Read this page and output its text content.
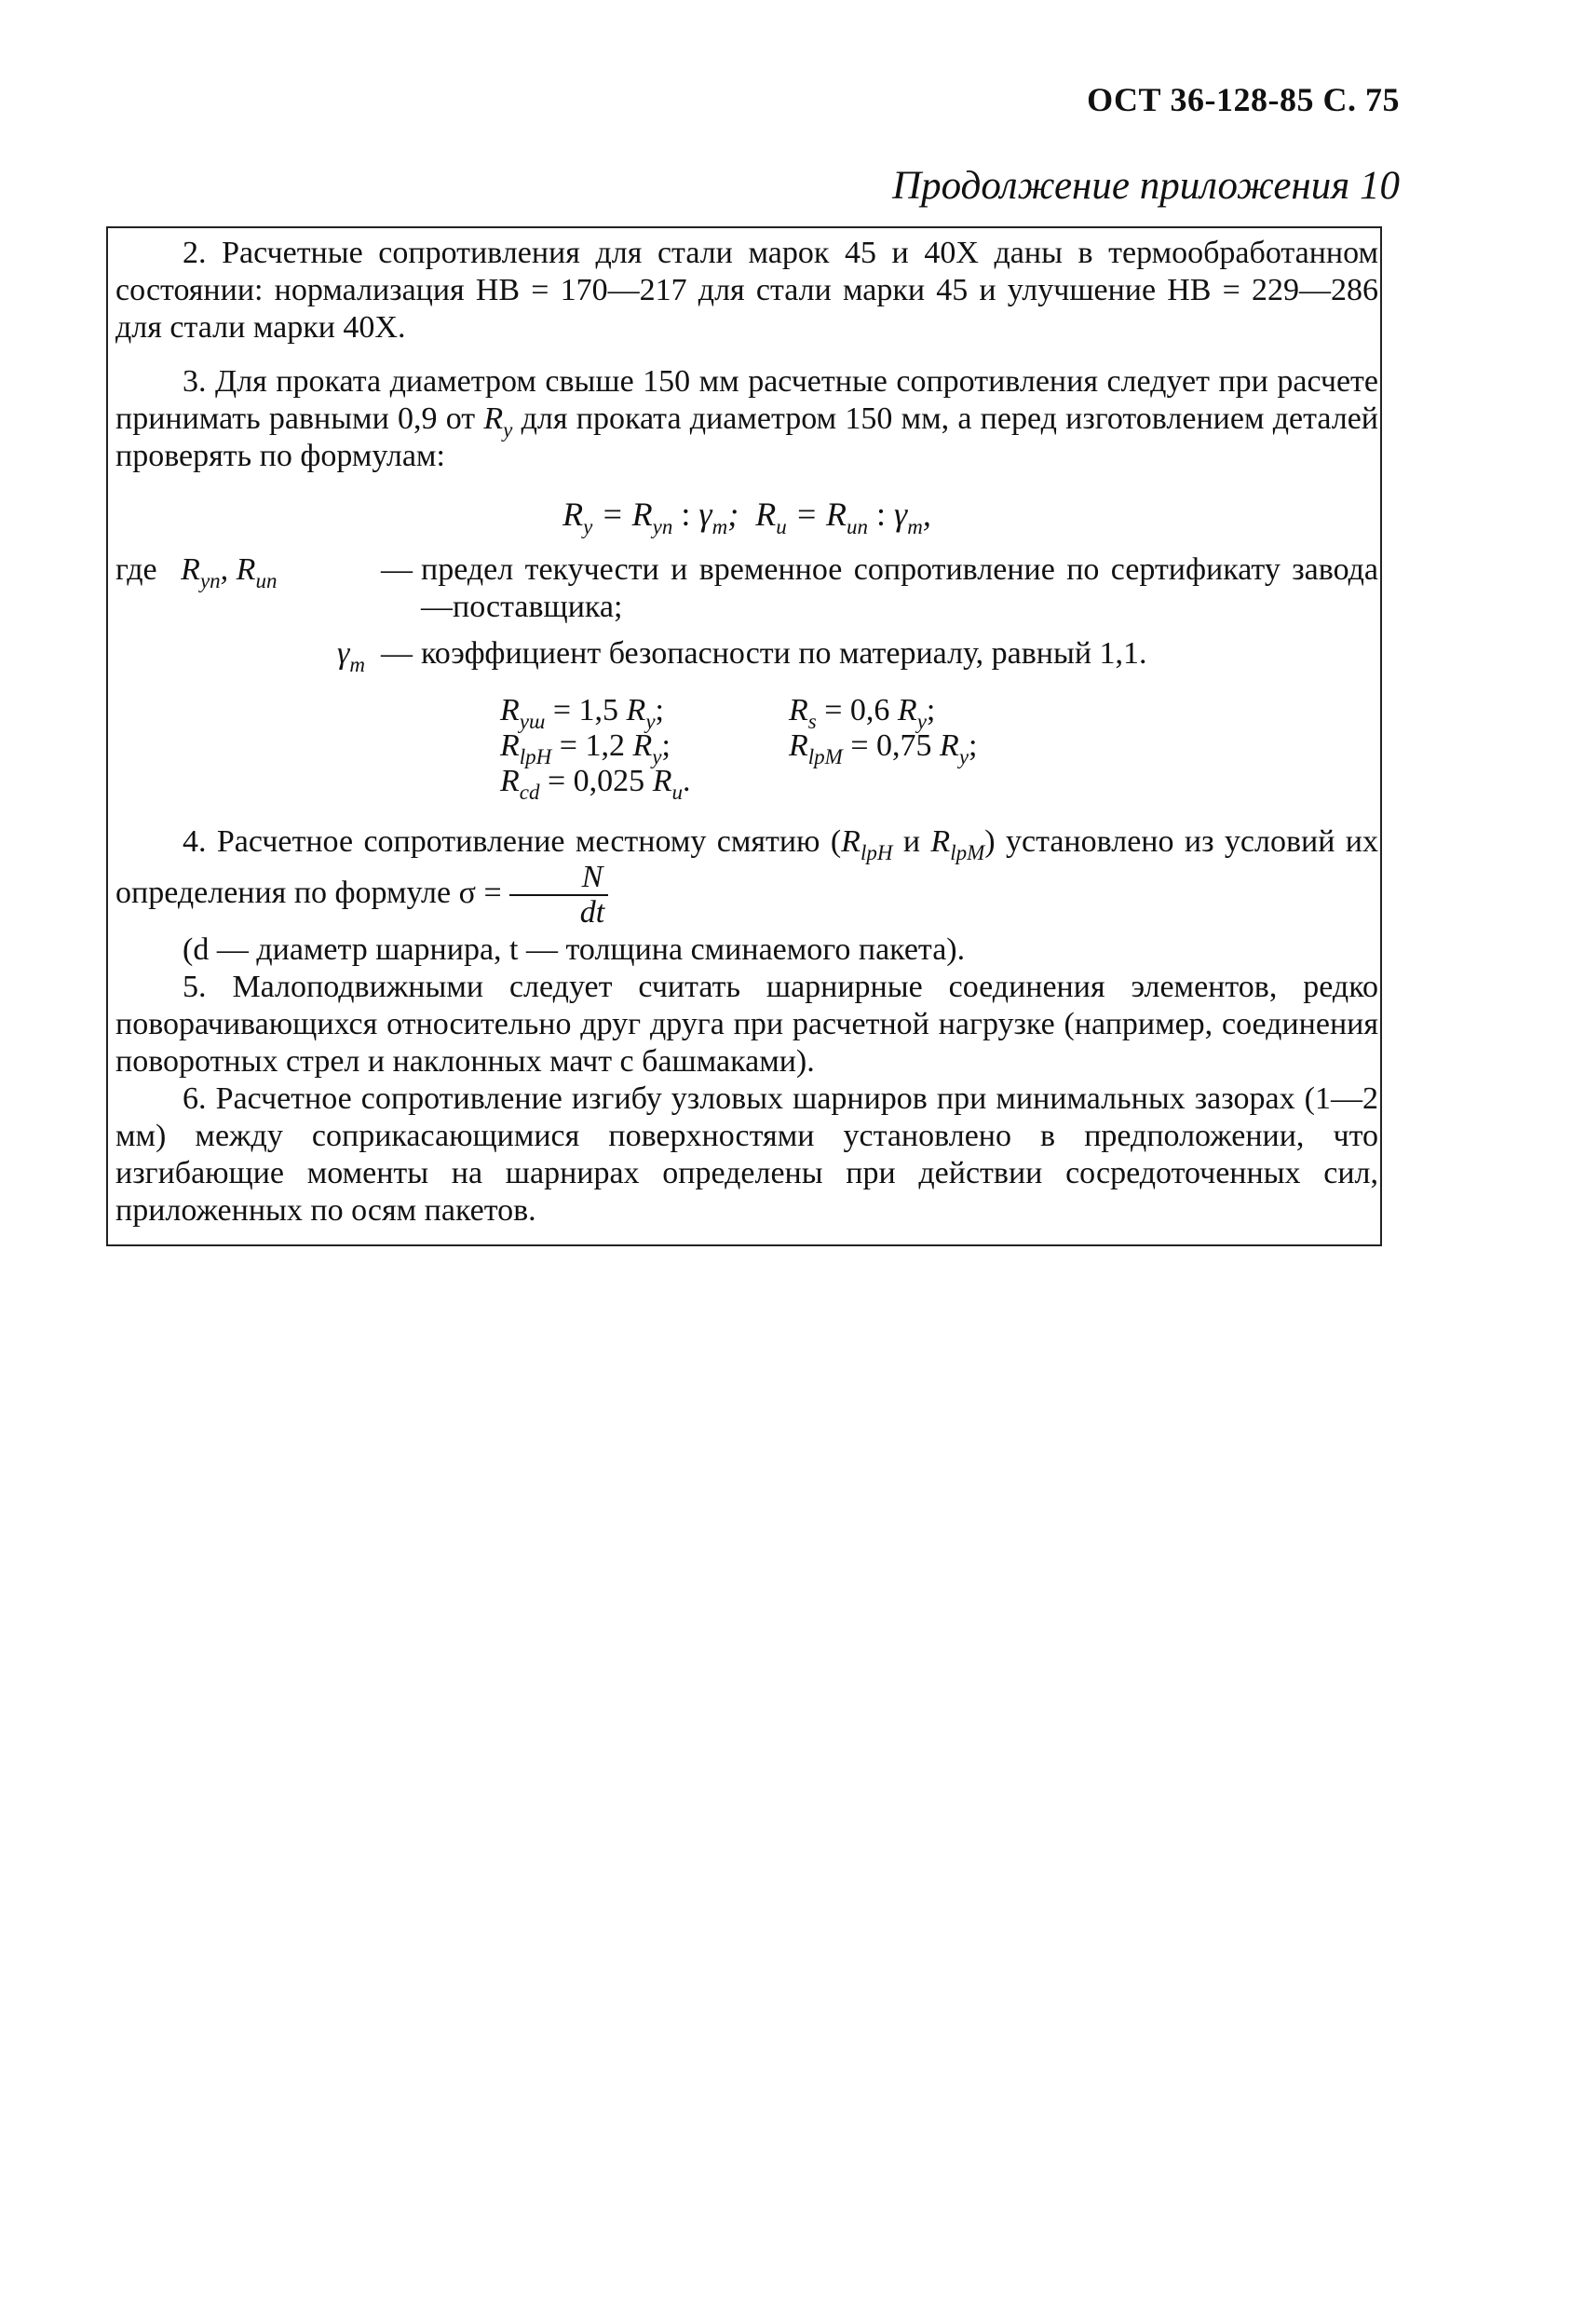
ОСТ 36-128-85 С. 75
Продолжение приложения 10

2. Расчетные сопротивления для стали марок 45 и 40Х даны в термообработанном состоянии: нормализация НВ = 170—217 для стали марки 45 и улучшение НВ = 229—286 для стали марки 40Х.

3. Для проката диаметром свыше 150 мм расчетные сопротивления следует при расчете принимать равными 0,9 от $R_y$ для проката диаметром 150 мм, а перед изготовлением деталей проверять по формулам:

$R_y = R_{yn}$ : $\gamma_m$;  $R_u = R_{un}$ : $\gamma_m$,
где $R_{yn}$, $R_{un}$	— предел текучести и временное сопротивление по сертификату завода—поставщика;
$\gamma_m$ — коэффициент безопасности по материалу, равный 1,1.
$R_{уш} = 1,5$ $R_y$;	$R_s = 0,6$ $R_y$;
$R_{lpH} = 1,2$ $R_y$;	$R_{lpM} = 0,75$ $R_y$;
$R_{cd} = 0,025$ $R_u$.

4. Расчетное сопротивление местному смятию ($R_{lpH}$ и $R_{lpM}$) установлено из условий их определения по формуле $\sigma = \frac{N}{dt}$

(d — диаметр шарнира, t — толщина сминаемого пакета).

5. Малоподвижными следует считать шарнирные соединения элементов, редко поворачивающихся относительно друг друга при расчетной нагрузке (например, соединения поворотных стрел и наклонных мачт с башмаками).

6. Расчетное сопротивление изгибу узловых шарниров при минимальных зазорах (1—2 мм) между соприкасающимися поверхностями установлено в предположении, что изгибающие моменты на шарнирах определены при действии сосредоточенных сил, приложенных по осям пакетов.
